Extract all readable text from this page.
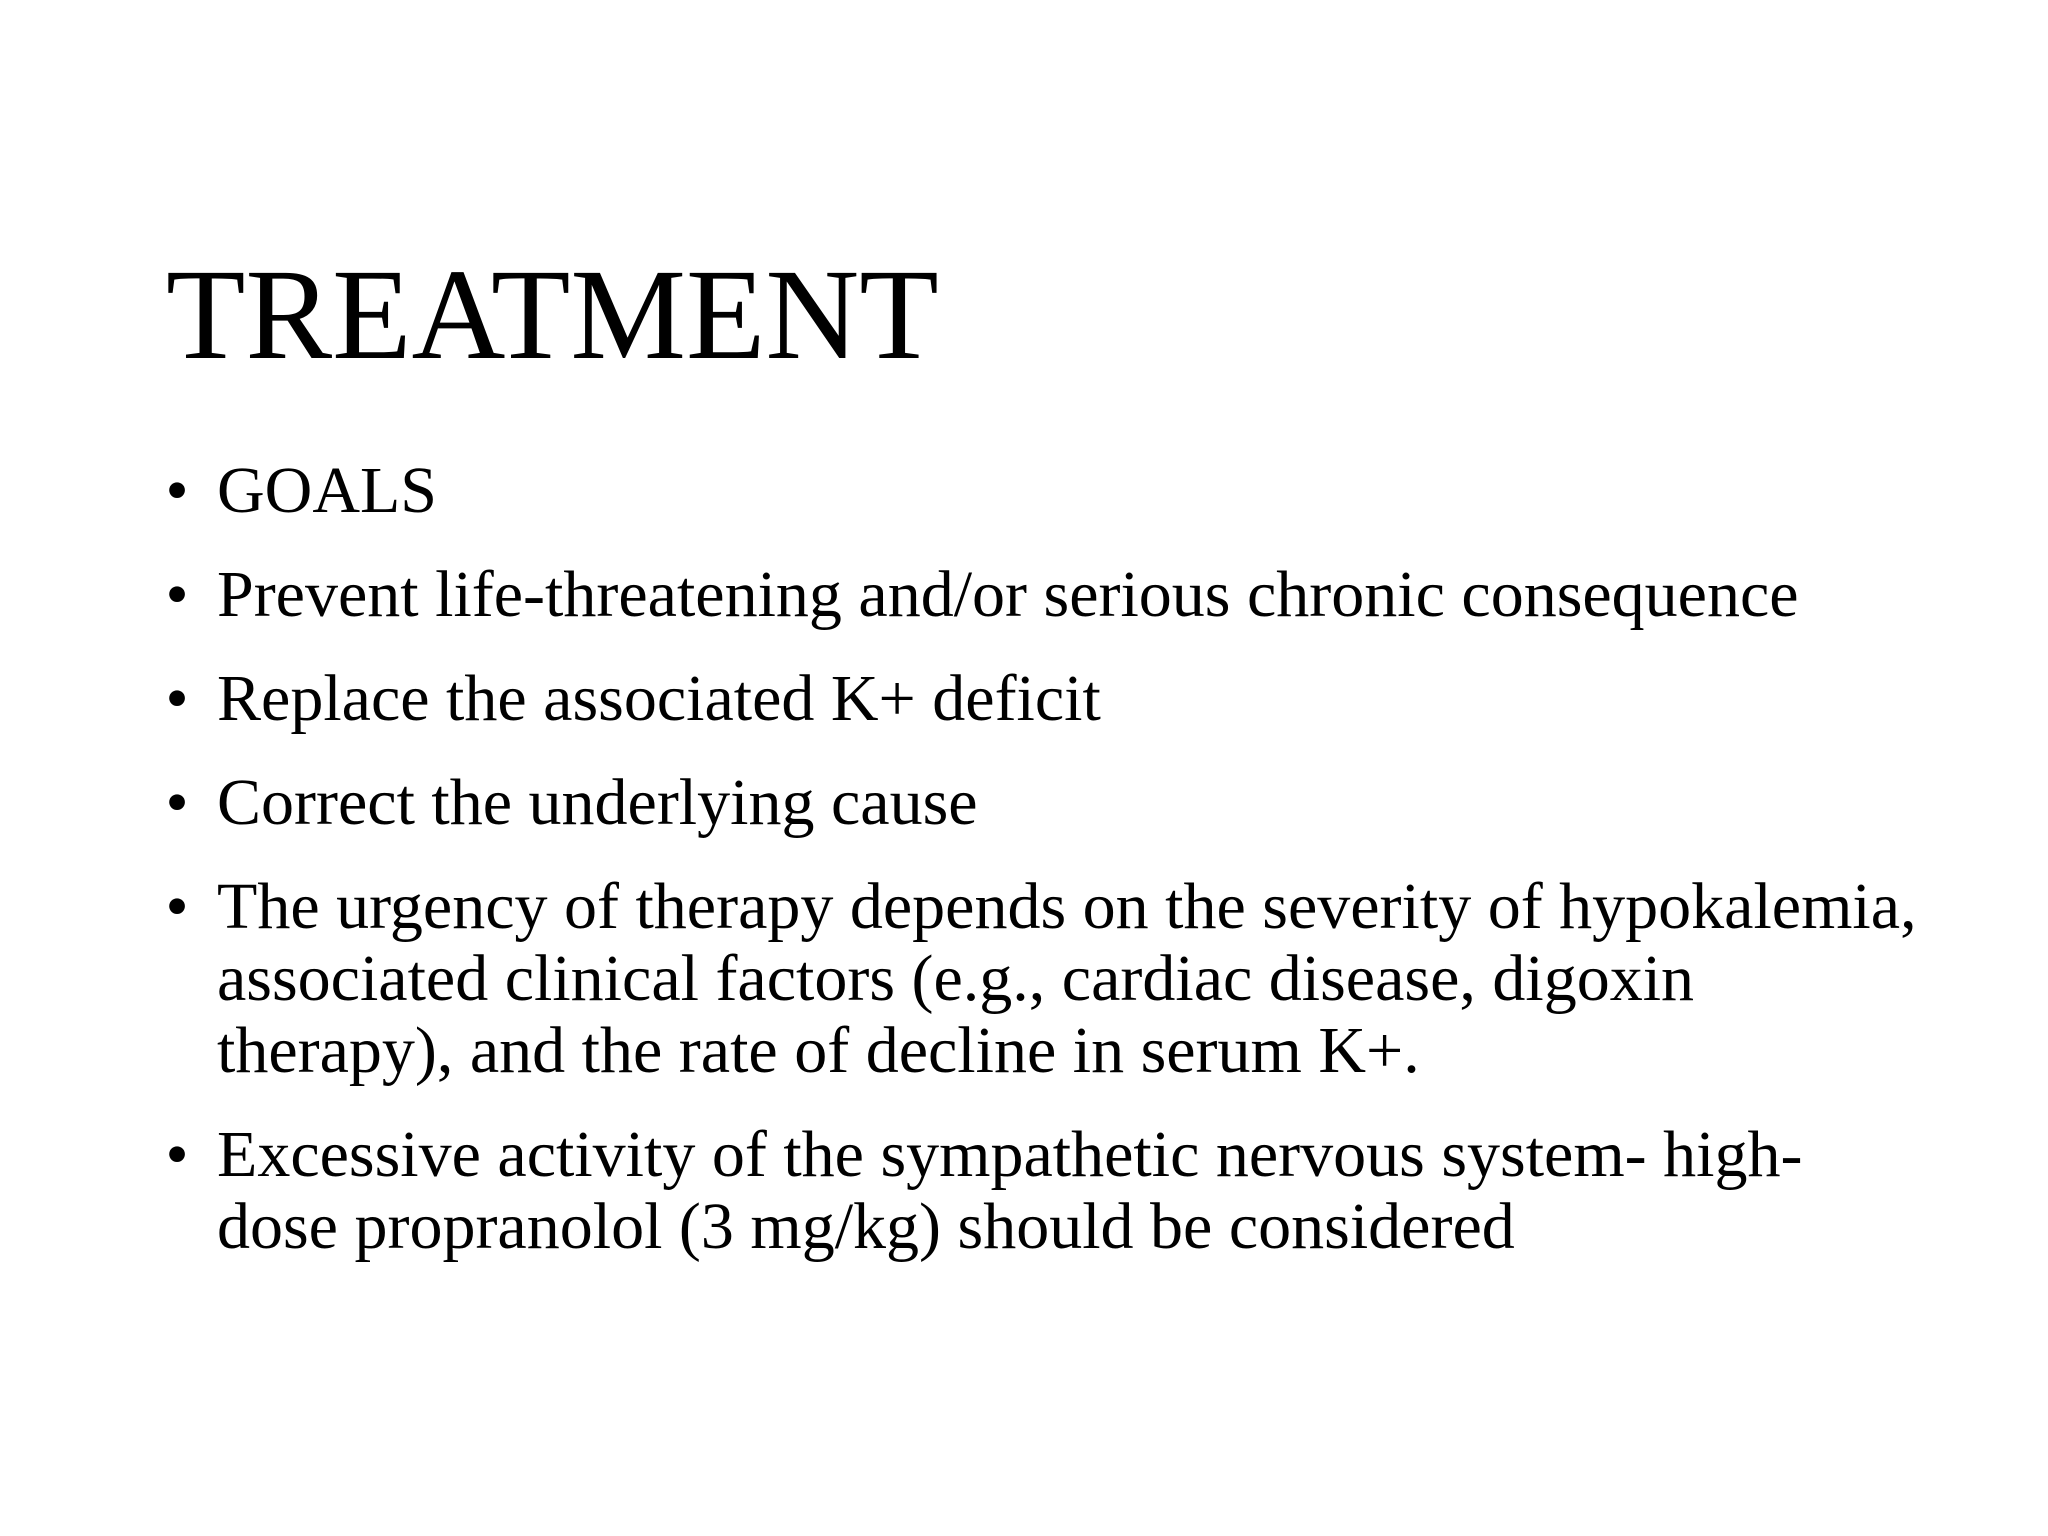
TREATMENT
• GOALS
• Prevent life-threatening and/or serious chronic consequence
• Replace the associated K+ deficit
• Correct the underlying cause
• The urgency of therapy depends on the severity of hypokalemia, associated clinical factors (e.g., cardiac disease, digoxin therapy), and the rate of decline in serum K+.
• Excessive activity of the sympathetic nervous system- high-dose propranolol (3 mg/kg) should be considered
